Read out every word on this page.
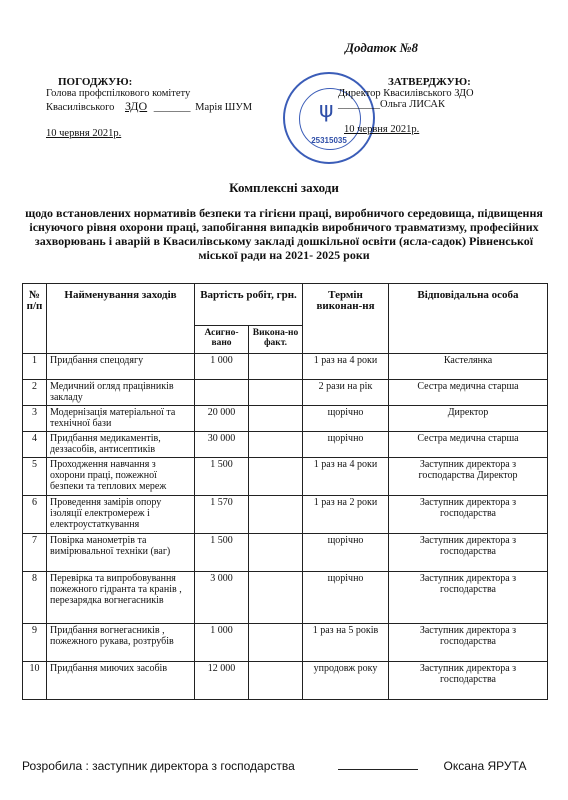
Додаток №8
ПОГОДЖУЮ:
Голова профспілкового комітету
Квасилівського ЗДО _______ Марія ШУМ
10 червня 2021р.
ψ
25315035
ЗАТВЕРДЖУЮ:
Директор Квасилівського ЗДО
________Ольга ЛИСАК
10 червня 2021р.
Комплексні заходи
щодо встановлених нормативів безпеки та гігієни праці, виробничого середовища, підвищення існуючого рівня охорони праці, запобігання випадків виробничого травматизму, професійних захворювань і аварій в Квасилівському закладі дошкільної освіти (ясла-садок) Рівненської міської ради на 2021- 2025 роки
№ п/п	Найменування заходів	Вартість робіт, грн.		Термін виконан-ня	Відповідальна особа
		Асигно-вано	Викона-но факт.		
1	Придбання спецодягу	1 000		1 раз на 4 роки	Кастелянка
2	Медичний огляд працівників закладу			2 рази на рік	Сестра медична старша
3	Модернізація матеріальної та технічної бази	20 000		щорічно	Директор
4	Придбання медикаментів, деззасобів, антисептиків	30 000		щорічно	Сестра медична старша
5	Проходження навчання з охорони праці, пожежної безпеки та теплових мереж	1 500		1 раз на 4 роки	Заступник директора з господарства Директор
6	Проведення замірів опору ізоляції електромереж і електроустаткування	1 570		1 раз на 2 роки	Заступник директора з господарства
7	Повірка манометрів та вимірювальної техніки (ваг)	1 500		щорічно	Заступник директора з господарства
8	Перевірка та випробовування пожежного гідранта та кранів , перезарядка вогнегасників	3 000		щорічно	Заступник директора з господарства
9	Придбання вогнегасників , пожежного рукава, розтрубів	1 000		1 раз на 5 років	Заступник директора з господарства
10	Придбання миючих засобів	12 000		упродовж року	Заступник директора з господарства
Розробила : заступник директора з господарства	Оксана ЯРУТА
